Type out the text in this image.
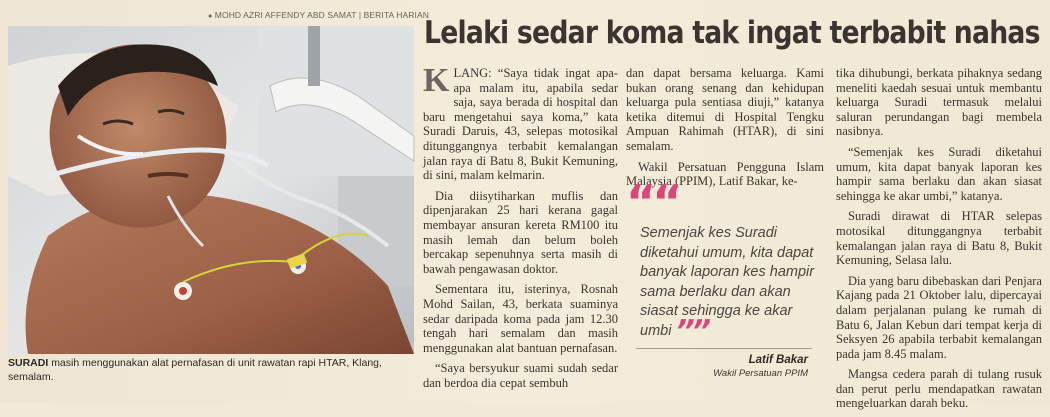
● MOHD AZRI AFFENDY ABD SAMAT | BERITA HARIAN
SURADI masih menggunakan alat pernafasan di unit rawatan rapi HTAR, Klang, semalam.
Lelaki sedar koma tak ingat terbabit nahas

KLANG: “Saya tidak ingat apa-apa malam itu, apabila sedar saja, saya berada di hospital dan baru mengetahui saya koma,” kata Suradi Daruis, 43, selepas motosikal ditunggangnya terbabit kemalangan jalan raya di Batu 8, Bukit Kemuning, di sini, malam kelmarin.

Dia diisytiharkan muflis dan dipenjarakan 25 hari kerana gagal membayar ansuran kereta RM100 itu masih lemah dan belum boleh bercakap sepenuhnya serta masih di bawah pengawasan doktor.

Sementara itu, isterinya, Rosnah Mohd Sailan, 43, berkata suaminya sedar daripada koma pada jam 12.30 tengah hari semalam dan masih menggunakan alat bantuan pernafasan.

“Saya bersyukur suami sudah sedar dan berdoa dia cepat sembuh

dan dapat bersama keluarga. Kami bukan orang senang dan kehidupan keluarga pula sentiasa diuji,” katanya ketika ditemui di Hospital Tengku Ampuan Rahimah (HTAR), di sini semalam.

Wakil Persatuan Pengguna Islam Malaysia (PPIM), Latif Bakar, ke-

““
Semenjak kes Suradi diketahui umum, kita dapat banyak laporan kes hampir sama berlaku dan akan siasat sehingga ke akar umbi ””
Latif Bakar
Wakil Persatuan PPIM

tika dihubungi, berkata pihaknya sedang meneliti kaedah sesuai untuk membantu keluarga Suradi termasuk melalui saluran perundangan bagi membela nasibnya.

“Semenjak kes Suradi diketahui umum, kita dapat banyak laporan kes hampir sama berlaku dan akan siasat sehingga ke akar umbi,” katanya.

Suradi dirawat di HTAR selepas motosikal ditunggangnya terbabit kemalangan jalan raya di Batu 8, Bukit Kemuning, Selasa lalu.

Dia yang baru dibebaskan dari Penjara Kajang pada 21 Oktober lalu, dipercayai dalam perjalanan pulang ke rumah di Batu 6, Jalan Kebun dari tempat kerja di Seksyen 26 apabila terbabit kemalangan pada jam 8.45 malam.

Mangsa cedera parah di tulang rusuk dan perut perlu mendapatkan rawatan mengeluarkan darah beku.
